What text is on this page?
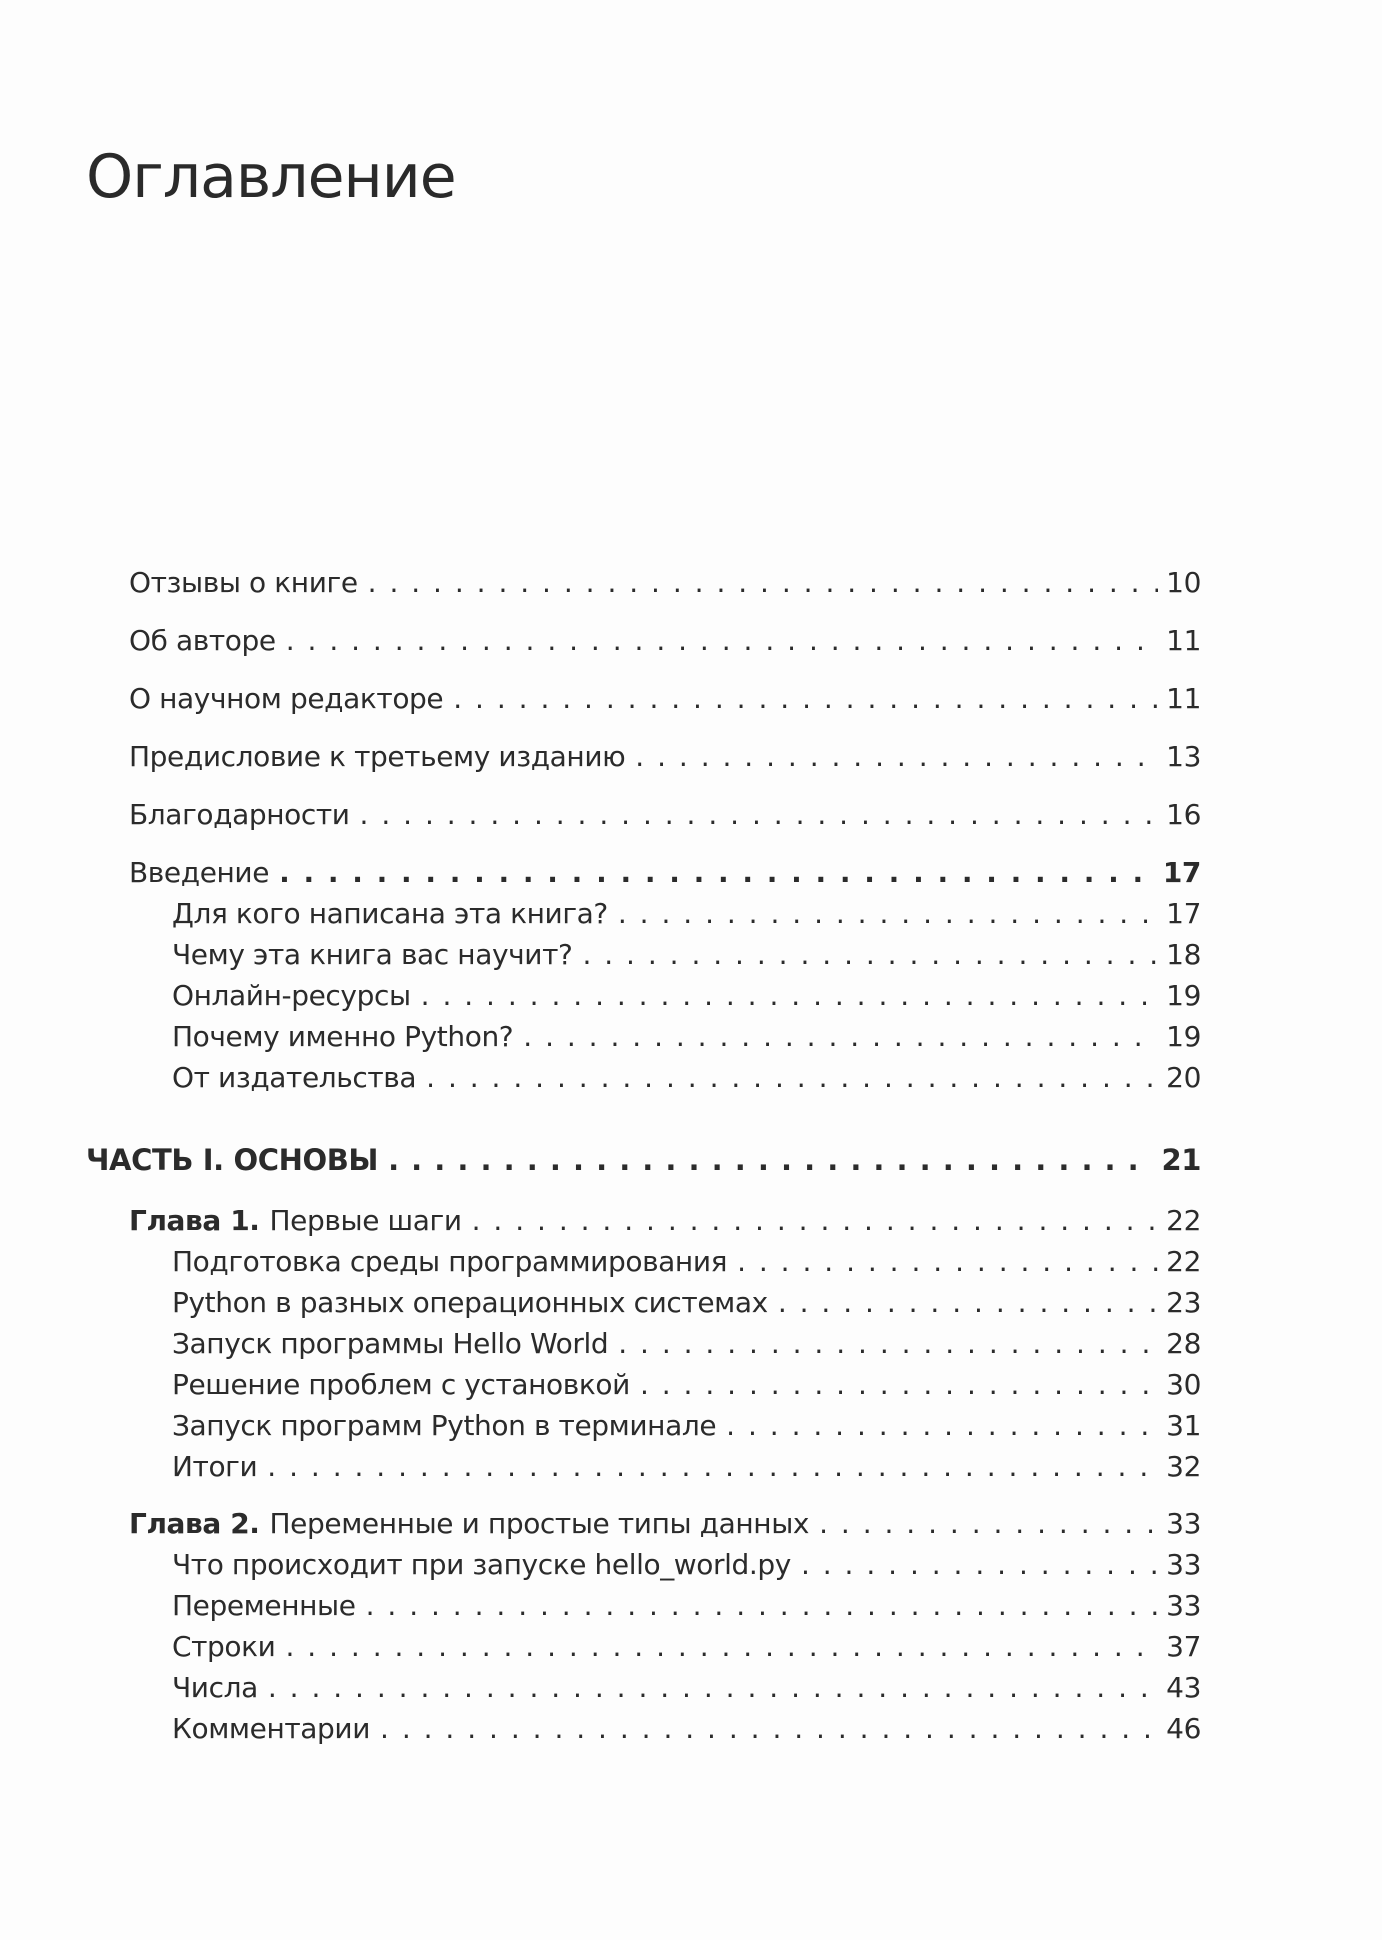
Оглавление
Отзывы о книге . . .	10
Об авторе . . .	11
О научном редакторе . . .	11
Предисловие к третьему изданию . . .	13
Благодарности . . .	16
Введение . . .	17
Для кого написана эта книга? . . .	17
Чему эта книга вас научит? . . .	18
Онлайн-ресурсы . . .	19
Почему именно Python? . . .	19
От издательства . . .	20
ЧАСТЬ I. ОСНОВЫ . . .	21
Глава 1. Первые шаги . . .	22
Подготовка среды программирования . . .	22
Python в разных операционных системах . . .	23
Запуск программы Hello World . . .	28
Решение проблем с установкой . . .	30
Запуск программ Python в терминале . . .	31
Итоги . . .	32
Глава 2. Переменные и простые типы данных . . .	33
Что происходит при запуске hello_world.py . . .	33
Переменные . . .	33
Строки . . .	37
Числа . . .	43
Комментарии . . .	46
